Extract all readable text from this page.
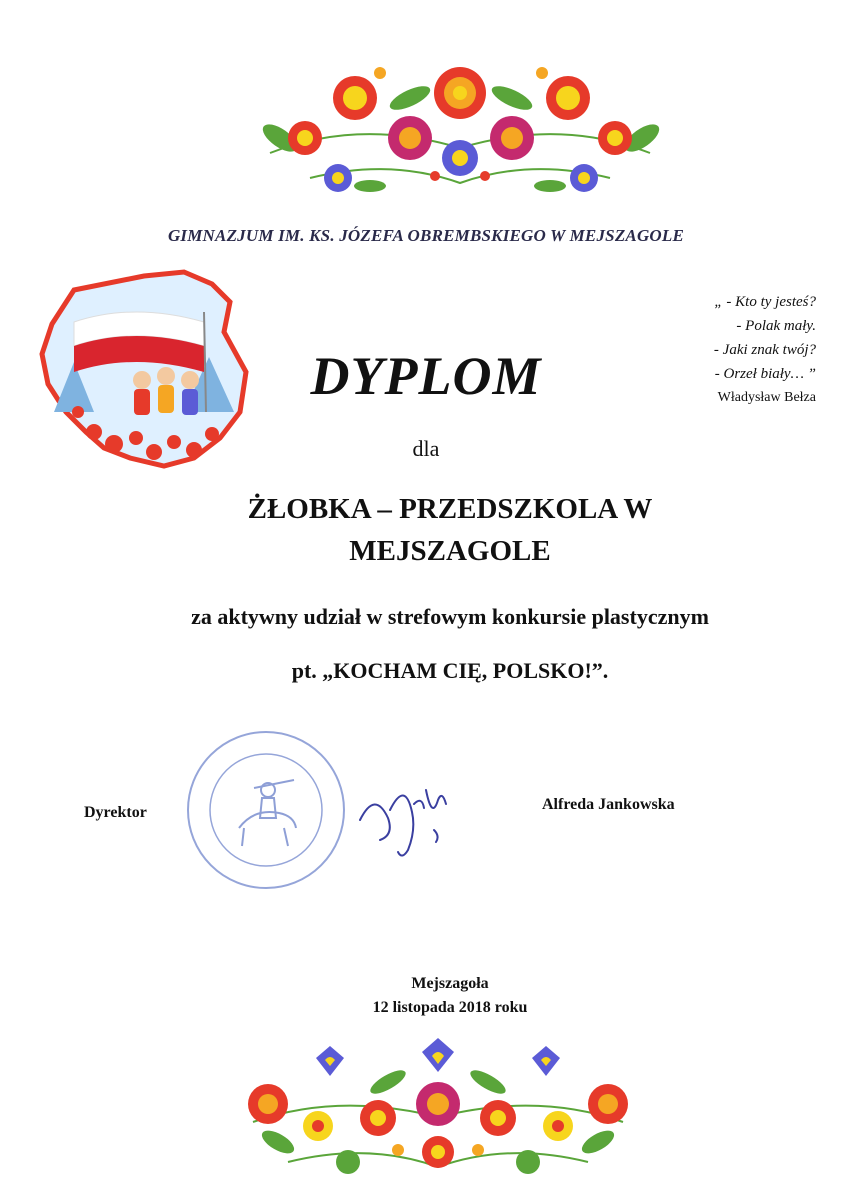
GIMNAZJUM IM. KS. JÓZEFA OBREMBSKIEGO W MEJSZAGOLE
„ - Kto ty jesteś?
- Polak mały.
- Jaki znak twój?
- Orzeł biały… ”
Władysław Bełza
DYPLOM
dla
ŻŁOBKA – PRZEDSZKOLA W
MEJSZAGOLE
za aktywny udział w strefowym konkursie plastycznym
pt. „KOCHAM CIĘ, POLSKO!”.
Dyrektor	Alfreda Jankowska
Mejszagoła
12 listopada 2018 roku
